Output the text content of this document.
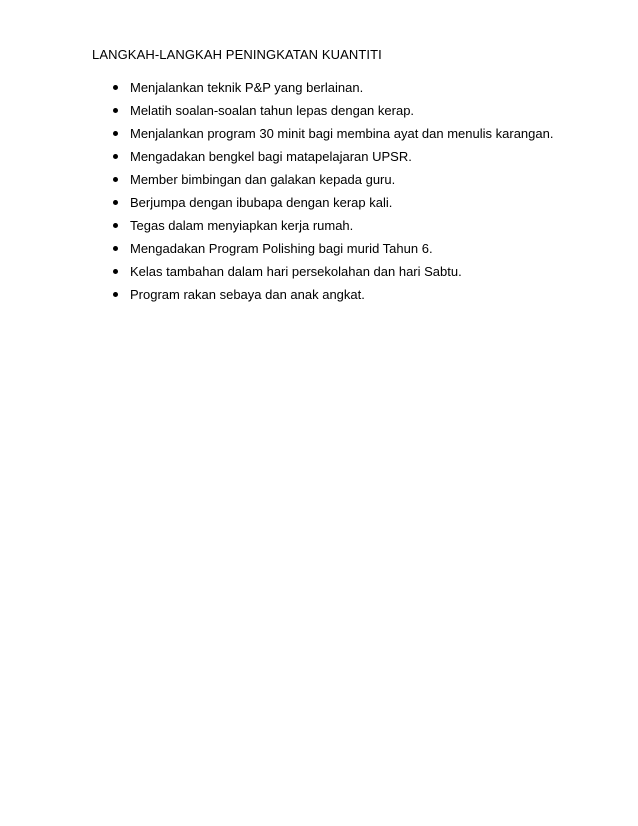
LANGKAH-LANGKAH PENINGKATAN KUANTITI
Menjalankan teknik P&P yang berlainan.
Melatih soalan-soalan tahun lepas dengan kerap.
Menjalankan program 30 minit bagi membina ayat dan menulis karangan.
Mengadakan bengkel bagi matapelajaran UPSR.
Member bimbingan dan galakan kepada guru.
Berjumpa dengan ibubapa dengan kerap kali.
Tegas dalam menyiapkan kerja rumah.
Mengadakan Program Polishing bagi murid Tahun 6.
Kelas tambahan dalam hari persekolahan dan hari Sabtu.
Program rakan sebaya dan anak angkat.
